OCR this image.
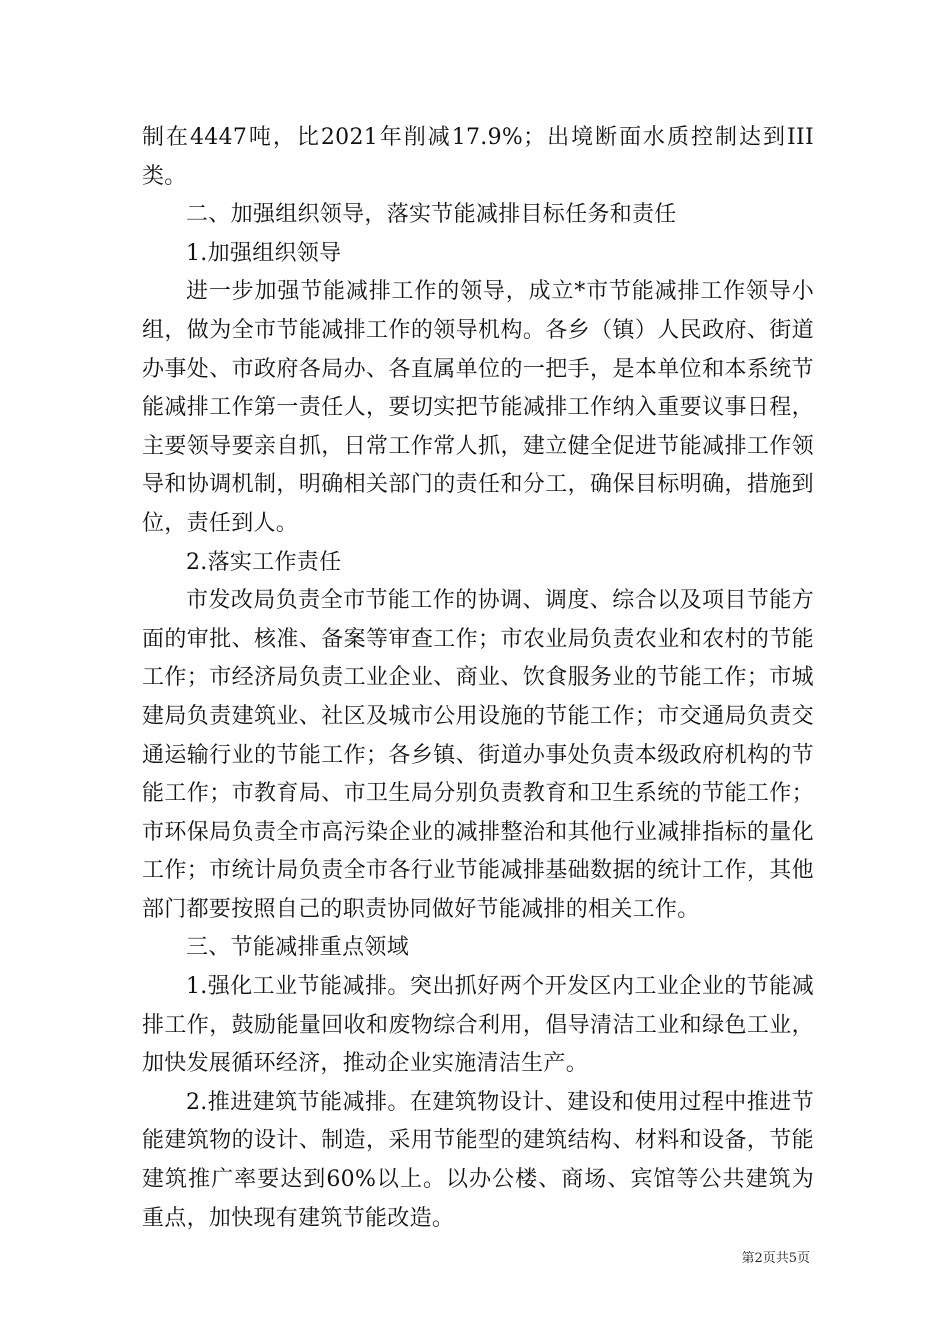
制在4447吨，比2021年削减17.9%；出境断面水质控制达到III类。

二、加强组织领导，落实节能减排目标任务和责任

1.加强组织领导

进一步加强节能减排工作的领导，成立*市节能减排工作领导小组，做为全市节能减排工作的领导机构。各乡（镇）人民政府、街道办事处、市政府各局办、各直属单位的一把手，是本单位和本系统节能减排工作第一责任人，要切实把节能减排工作纳入重要议事日程，主要领导要亲自抓，日常工作常人抓，建立健全促进节能减排工作领导和协调机制，明确相关部门的责任和分工，确保目标明确，措施到位，责任到人。

2.落实工作责任

市发改局负责全市节能工作的协调、调度、综合以及项目节能方面的审批、核准、备案等审查工作；市农业局负责农业和农村的节能工作；市经济局负责工业企业、商业、饮食服务业的节能工作；市城建局负责建筑业、社区及城市公用设施的节能工作；市交通局负责交通运输行业的节能工作；各乡镇、街道办事处负责本级政府机构的节能工作；市教育局、市卫生局分别负责教育和卫生系统的节能工作；市环保局负责全市高污染企业的减排整治和其他行业减排指标的量化工作；市统计局负责全市各行业节能减排基础数据的统计工作，其他部门都要按照自己的职责协同做好节能减排的相关工作。

三、节能减排重点领域

1.强化工业节能减排。突出抓好两个开发区内工业企业的节能减排工作，鼓励能量回收和废物综合利用，倡导清洁工业和绿色工业，加快发展循环经济，推动企业实施清洁生产。

2.推进建筑节能减排。在建筑物设计、建设和使用过程中推进节能建筑物的设计、制造，采用节能型的建筑结构、材料和设备，节能建筑推广率要达到60%以上。以办公楼、商场、宾馆等公共建筑为重点，加快现有建筑节能改造。

第2页共5页
